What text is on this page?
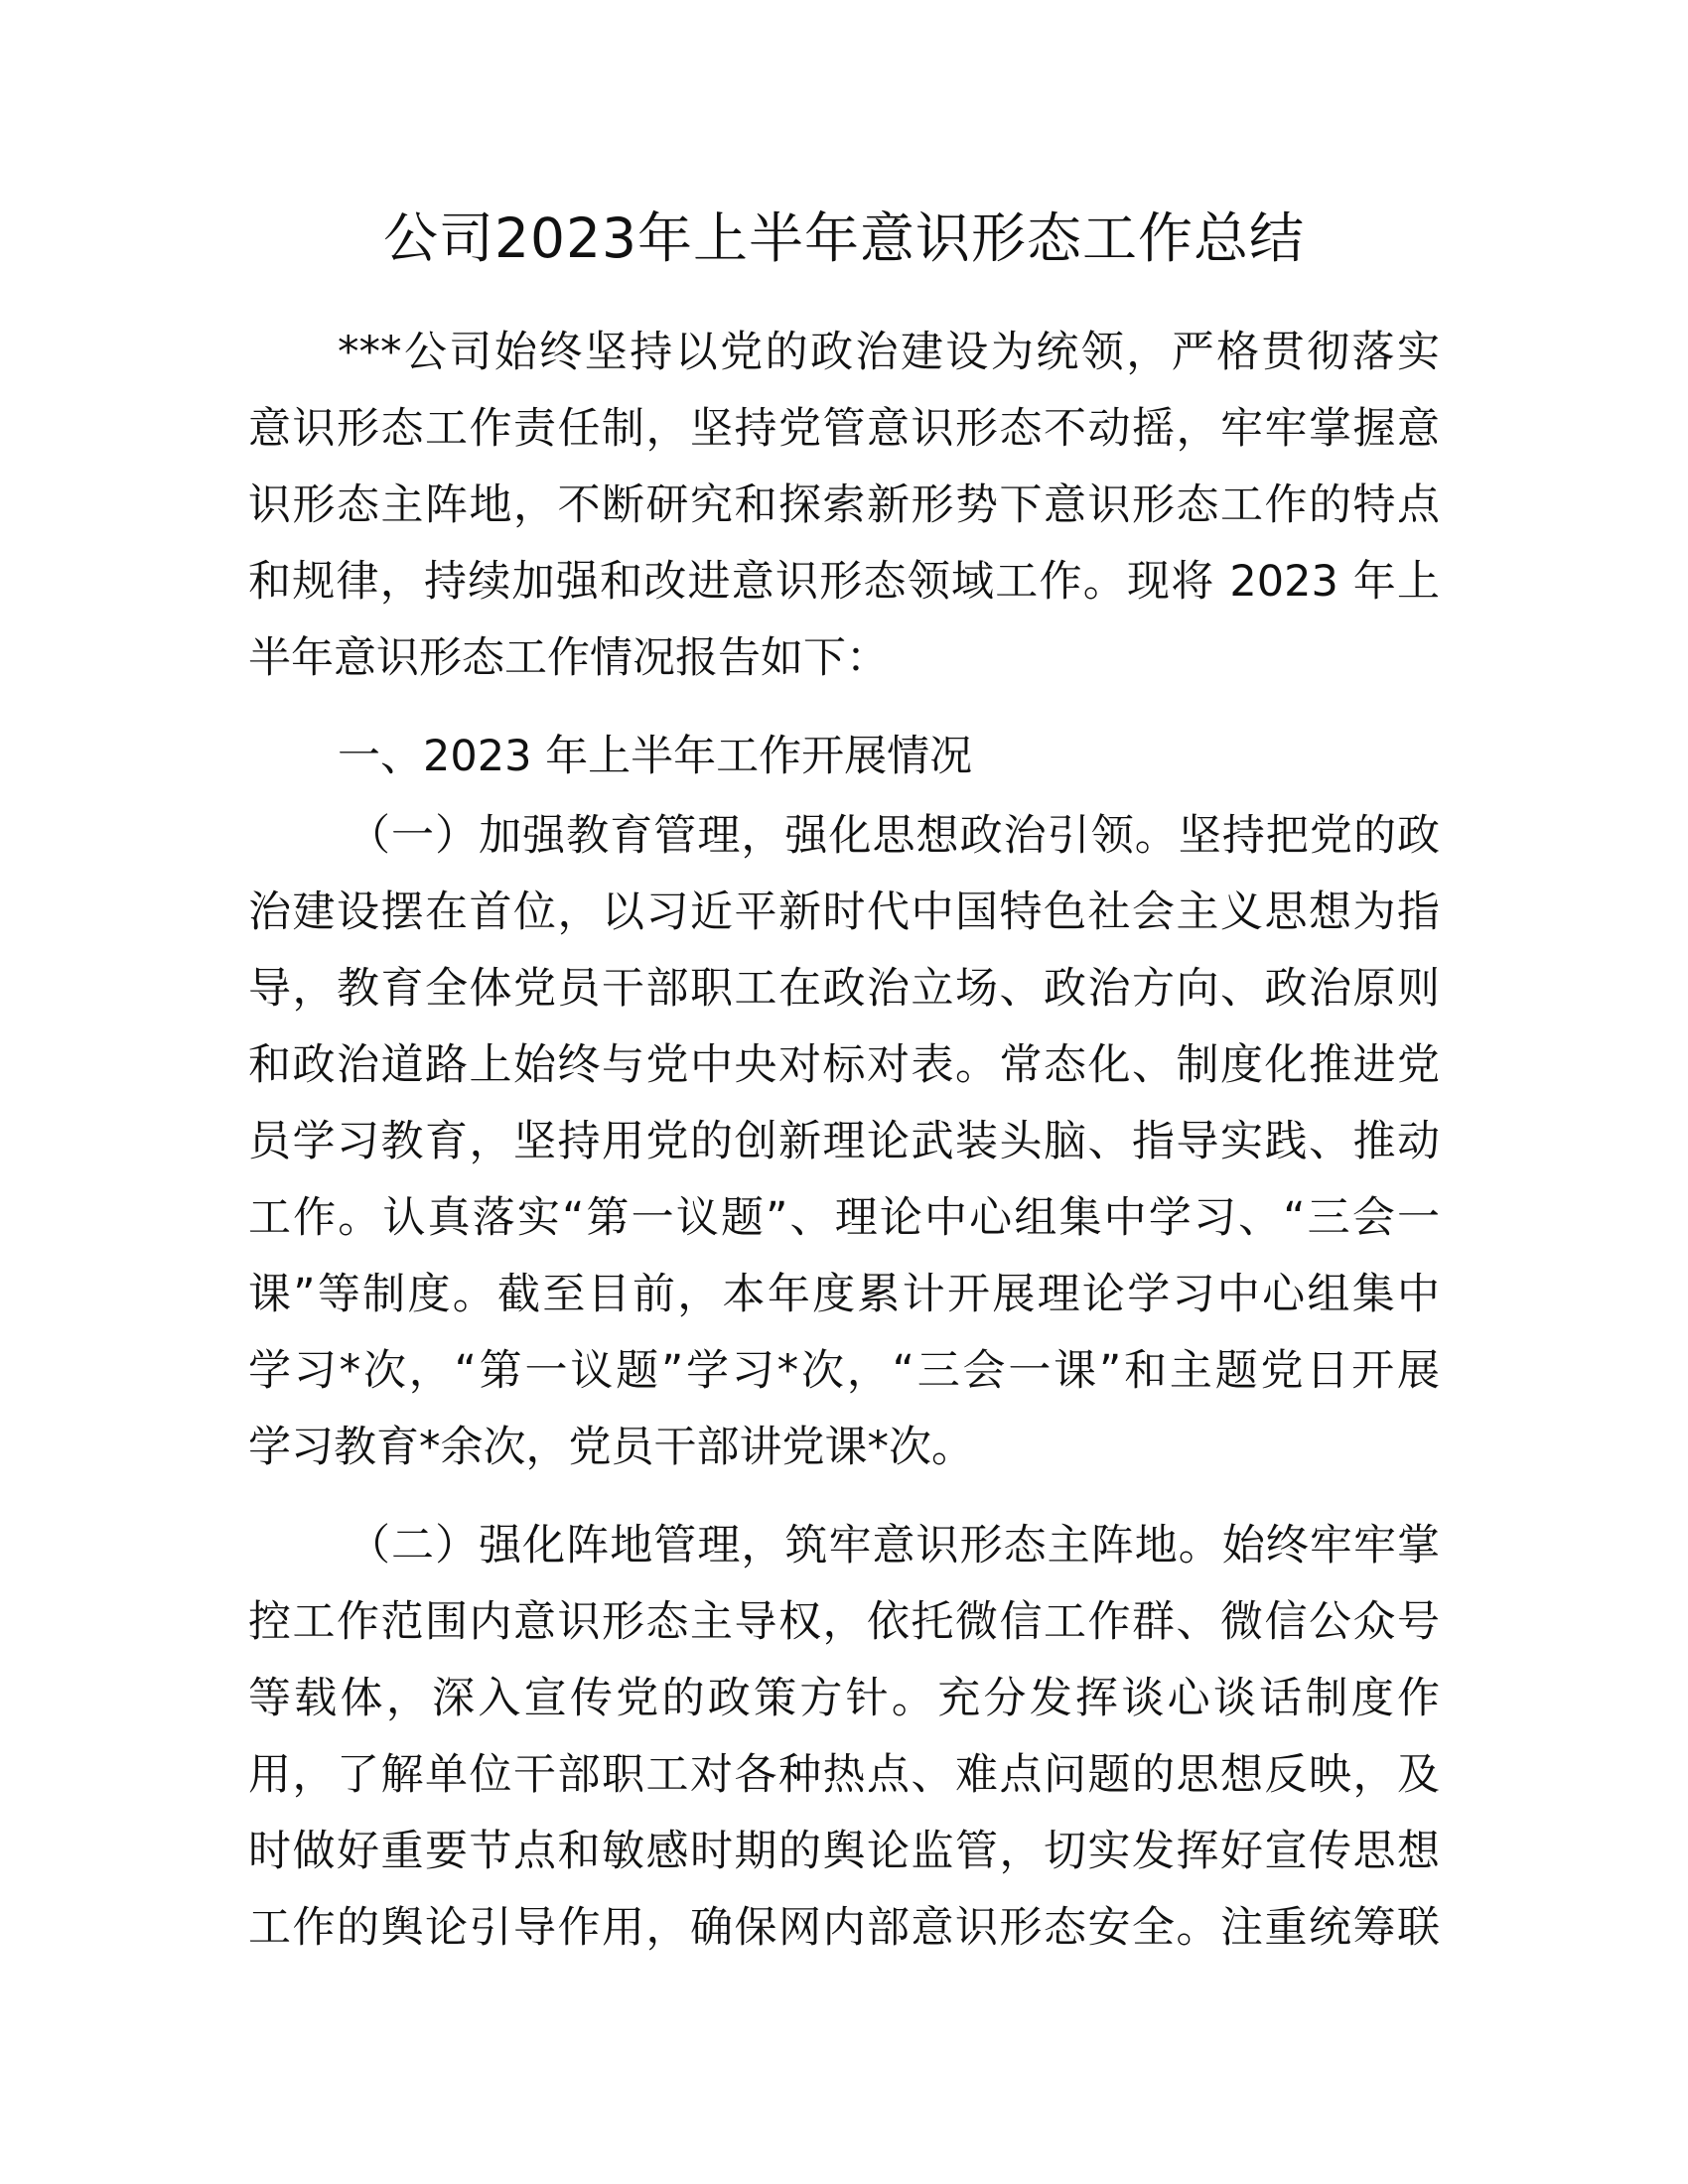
公司2023年上半年意识形态工作总结
***公司始终坚持以党的政治建设为统领，严格贯彻落实
意识形态工作责任制，坚持党管意识形态不动摇，牢牢掌握意
识形态主阵地，不断研究和探索新形势下意识形态工作的特点
和规律，持续加强和改进意识形态领域工作。现将 2023 年上
半年意识形态工作情况报告如下：
一、2023 年上半年工作开展情况
（一）加强教育管理，强化思想政治引领。坚持把党的政
治建设摆在首位，以习近平新时代中国特色社会主义思想为指
导，教育全体党员干部职工在政治立场、政治方向、政治原则
和政治道路上始终与党中央对标对表。常态化、制度化推进党
员学习教育，坚持用党的创新理论武装头脑、指导实践、推动
工作。认真落实“第一议题”、理论中心组集中学习、“三会一
课”等制度。截至目前，本年度累计开展理论学习中心组集中
学习*次，“第一议题”学习*次，“三会一课”和主题党日开展
学习教育*余次，党员干部讲党课*次。
（二）强化阵地管理，筑牢意识形态主阵地。始终牢牢掌
控工作范围内意识形态主导权，依托微信工作群、微信公众号
等载体，深入宣传党的政策方针。充分发挥谈心谈话制度作
用，了解单位干部职工对各种热点、难点问题的思想反映，及
时做好重要节点和敏感时期的舆论监管，切实发挥好宣传思想
工作的舆论引导作用，确保网内部意识形态安全。注重统筹联
